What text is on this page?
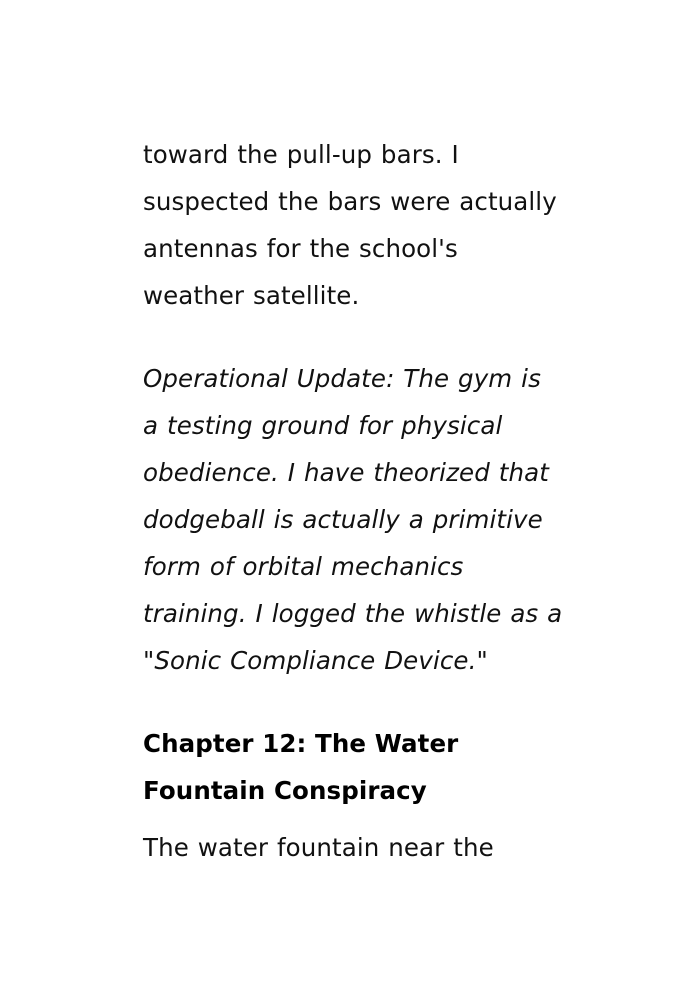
toward the pull-up bars. I suspected the bars were actually antennas for the school's weather satellite.

Operational Update: The gym is a testing ground for physical obedience. I have theorized that dodgeball is actually a primitive form of orbital mechanics training. I logged the whistle as a "Sonic Compliance Device."

Chapter 12: The Water Fountain Conspiracy

The water fountain near the
